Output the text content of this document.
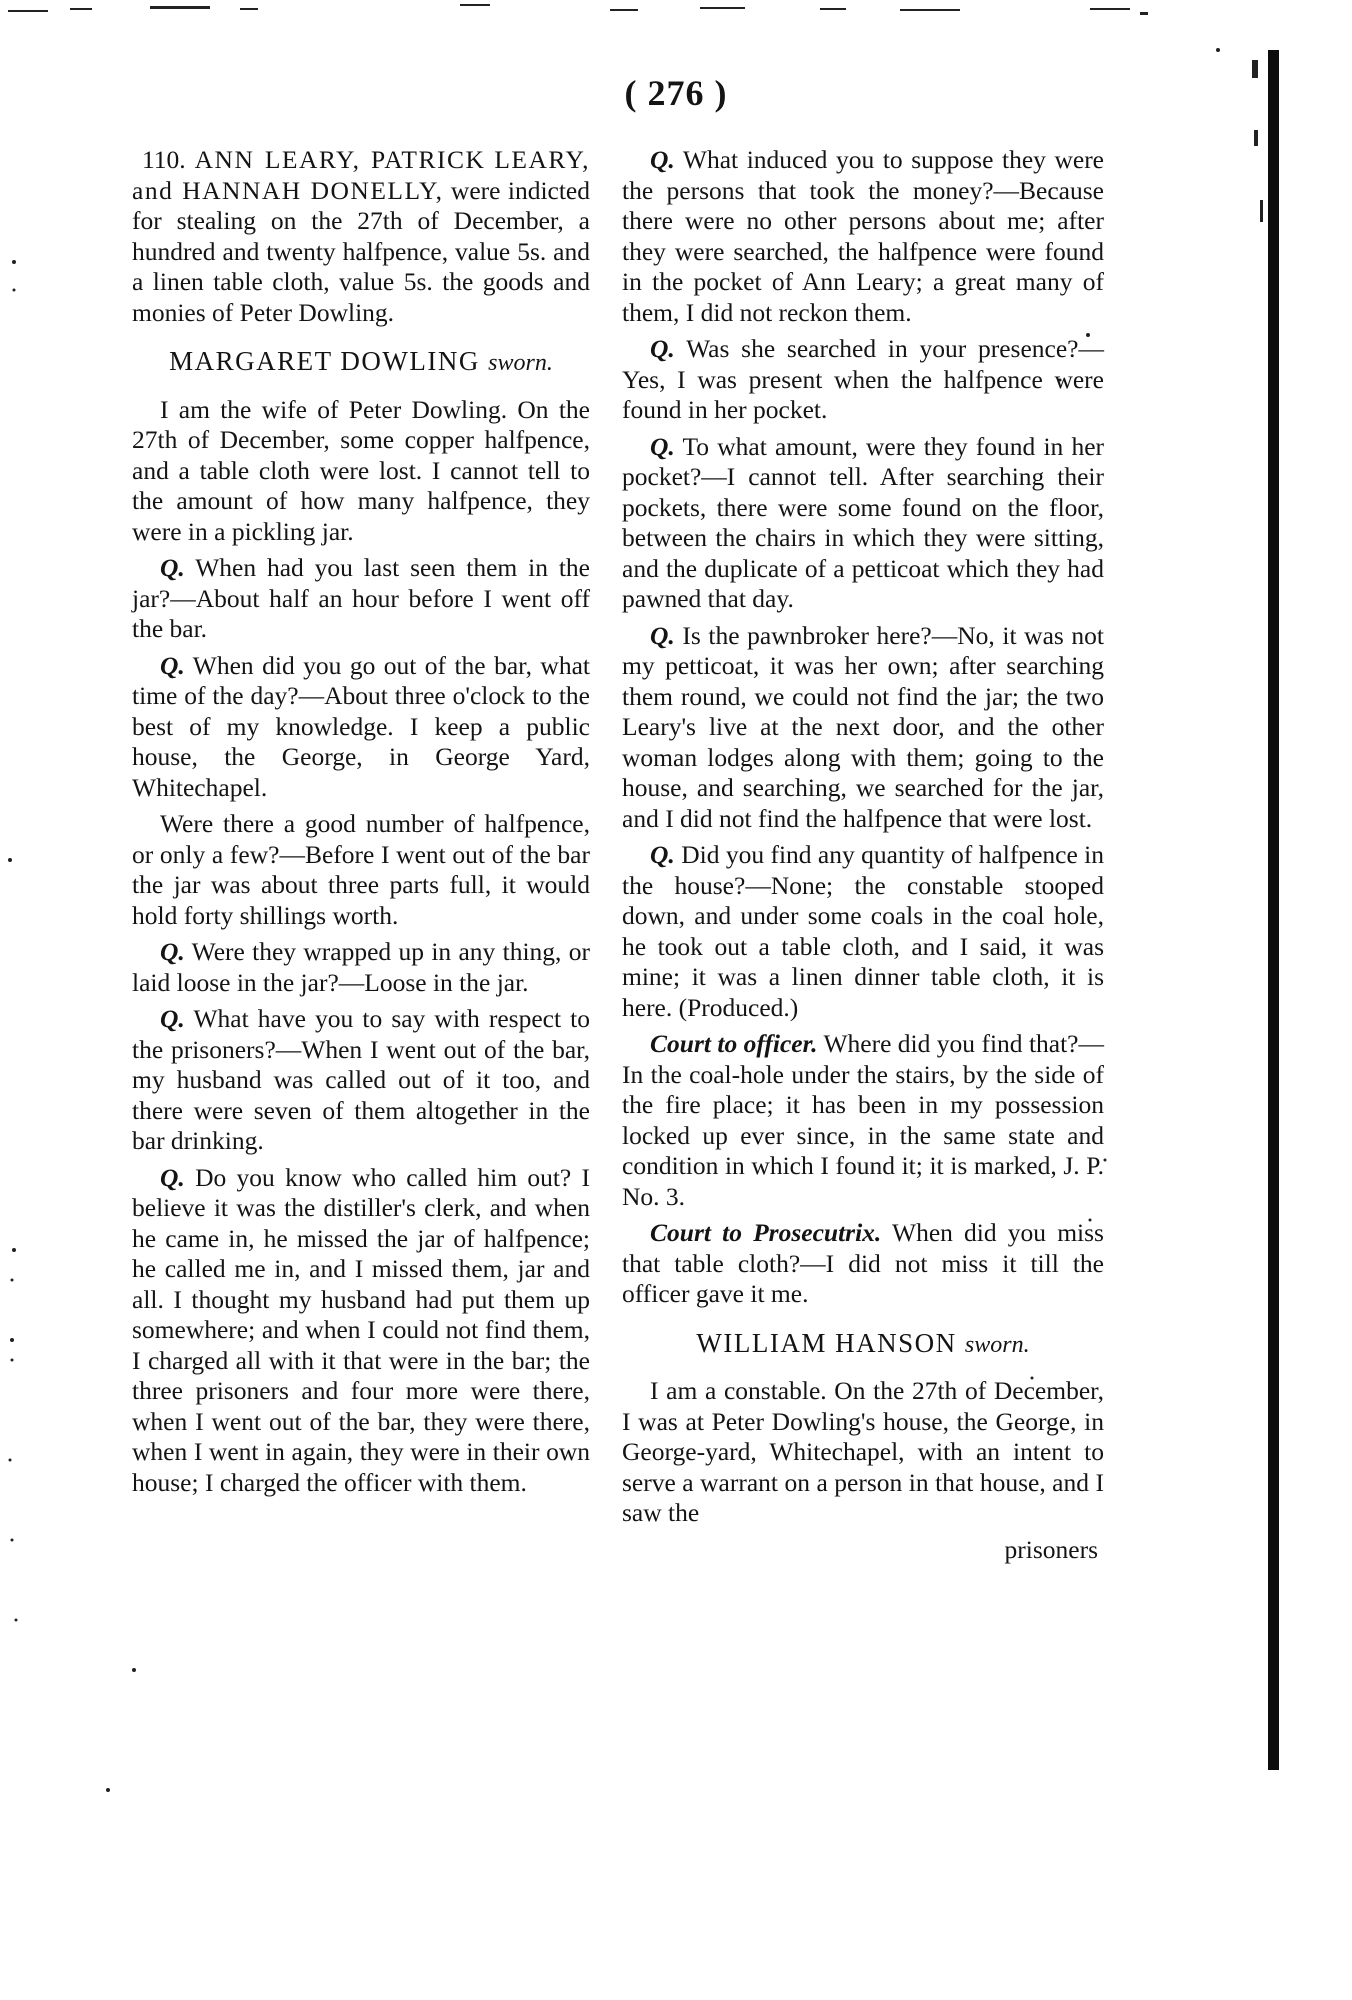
( 276 )

110. ANN LEARY, PATRICK LEARY, and HANNAH DONELLY, were indicted for stealing on the 27th of December, a hundred and twenty halfpence, value 5s. and a linen table cloth, value 5s. the goods and monies of Peter Dowling.

MARGARET DOWLING sworn.

I am the wife of Peter Dowling. On the 27th of December, some copper halfpence, and a table cloth were lost. I cannot tell to the amount of how many halfpence, they were in a pickling jar.

Q. When had you last seen them in the jar?—About half an hour before I went off the bar.

Q. When did you go out of the bar, what time of the day?—About three o'clock to the best of my knowledge. I keep a public house, the George, in George Yard, Whitechapel.

Were there a good number of halfpence, or only a few?—Before I went out of the bar the jar was about three parts full, it would hold forty shillings worth.

Q. Were they wrapped up in any thing, or laid loose in the jar?—Loose in the jar.

Q. What have you to say with respect to the prisoners?—When I went out of the bar, my husband was called out of it too, and there were seven of them altogether in the bar drinking.

Q. Do you know who called him out? I believe it was the distiller's clerk, and when he came in, he missed the jar of halfpence; he called me in, and I missed them, jar and all. I thought my husband had put them up somewhere; and when I could not find them, I charged all with it that were in the bar; the three prisoners and four more were there, when I went out of the bar, they were there, when I went in again, they were in their own house; I charged the officer with them.

Q. What induced you to suppose they were the persons that took the money?—Because there were no other persons about me; after they were searched, the halfpence were found in the pocket of Ann Leary; a great many of them, I did not reckon them.

Q. Was she searched in your presence?—Yes, I was present when the halfpence were found in her pocket.

Q. To what amount, were they found in her pocket?—I cannot tell. After searching their pockets, there were some found on the floor, between the chairs in which they were sitting, and the duplicate of a petticoat which they had pawned that day.

Q. Is the pawnbroker here?—No, it was not my petticoat, it was her own; after searching them round, we could not find the jar; the two Leary's live at the next door, and the other woman lodges along with them; going to the house, and searching, we searched for the jar, and I did not find the halfpence that were lost.

Q. Did you find any quantity of halfpence in the house?—None; the constable stooped down, and under some coals in the coal hole, he took out a table cloth, and I said, it was mine; it was a linen dinner table cloth, it is here. (Produced.)

Court to officer. Where did you find that?—In the coal-hole under the stairs, by the side of the fire place; it has been in my possession locked up ever since, in the same state and condition in which I found it; it is marked, J. P. No. 3.

Court to Prosecutrix. When did you miss that table cloth?—I did not miss it till the officer gave it me.

WILLIAM HANSON sworn.

I am a constable. On the 27th of December, I was at Peter Dowling's house, the George, in George-yard, Whitechapel, with an intent to serve a warrant on a person in that house, and I saw the

prisoners
